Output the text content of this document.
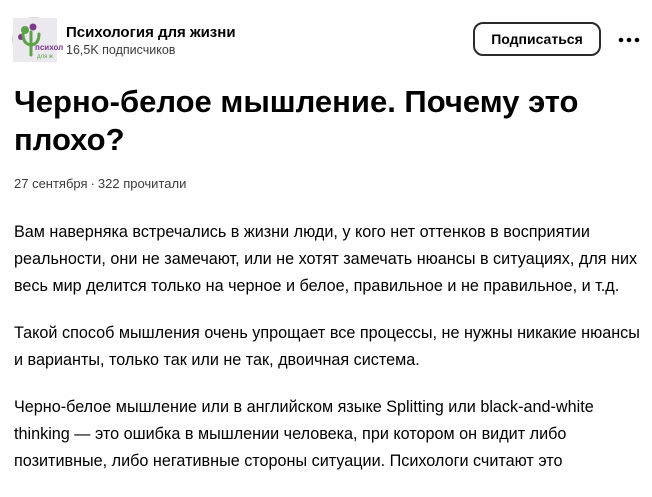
психол
для ж
Психология для жизни
16,5K подписчиков
Подписаться
Черно-белое мышление. Почему это плохо?
27 сентября · 322 прочитали

Вам наверняка встречались в жизни люди, у кого нет оттенков в восприятии реальности, они не замечают, или не хотят замечать нюансы в ситуациях, для них весь мир делится только на черное и белое, правильное и не правильное, и т.д.

Такой способ мышления очень упрощает все процессы, не нужны никакие нюансы и варианты, только так или не так, двоичная система.

Черно-белое мышление или в английском языке Splitting или black-and-white thinking — это ошибка в мышлении человека, при котором он видит либо позитивные, либо негативные стороны ситуации. Психологи считают это
